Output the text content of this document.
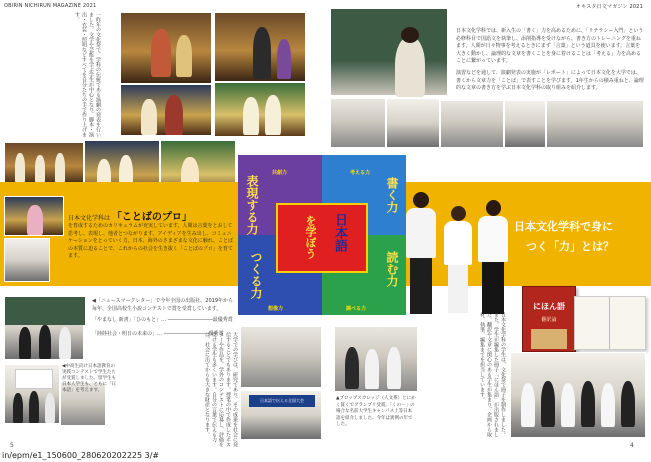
OBIRIN NICHIRUN MAGAZINE 2021	オキスタ日文マガジン 2021
一昨年の文化祭で、学科の伝統である演劇の発表を行いました。文学や芸能を学ぶ学生が中心となり、脚本・演出・衣装・照明などすべてを自分たちの手で作り上げます。
日本文化学科では、新入生の「書く」力を高めるために、「リテラシー入門」という必修科目で国語文を執筆し、添削指導を受けながら、書き方のトレーニングを重ねます。人間が日々物事を考えるときにまず「言葉」という道具を使います。言葉を大きく動かし、論理的な文章を書くことを身に着けることは「考える」力を高めることに繋がっています。
演習などを通して、演劇発表の実施が「レポート」によって日本文化を大学では、書くから文章力を「ことば」で表すことを学びます。1年生からの積み重ねと、論理的な文章の書き方を学ぶ日本文化学科の取り組みを紹介します。
日本文化学科は 「ことばのプロ」
を育成するためのカリキュラムが充実しています。人間は言葉をとおして思考し、表現し、他者とつながります。アイディアを生み出し、コミュニケーションをとっていく力。日本、海外のさまざまな文化に触れ、ことばの本質に迫ることで、これからの社会を生き抜く「ことばのプロ」を育てます。
共創力	考える力
想像力	調べる力
表現する力	書く力
つくる力	読む力
日本語
を学ぼう	日本文化学科で身に
つく「力」とは？
◀「ニュースマークレター」で今年全国の出版社、2019年から毎年、全国高校生小説コンテストで賞を受賞しています。
「やまなし 新書」「ひのもと」… ―――――――――最優秀賞
「陸陸社会・明日の未来の」… ―――――――――優秀賞
◀中高生向け日本語教育の実践コンテストで学生たちが受賞しました。留学生も日本人学生も、ともに「日本語」を考えます。	大学での学びは、研究であり、その成果を社会に発信することでもあります。授業の中で作成したポスターや作品を、学外のコンテストに応募し、評価を受ける学生も多くいます。自分の言葉で伝える力は、社会に出てからも大きな財産となります。	日本語で伝える全国大会	▲プロップスカレッジ（人文系）とにかく賞くでグランプリ受賞。「くのー」の場合な名前大学生キャンパス上等日本語を紹介しました。今年は異例の年でした。	日本文化学科の学生は、文化祭で冊子を制作しました。また、学生が編集した冊子「にほん語」が出版されました。翻訳や文章に関心のある学生が集まり、企画から取材、執筆、編集までを担当しています。
にほん語
翻訳論
5	4
in/epm/e1_150600_280620202225 3/#
